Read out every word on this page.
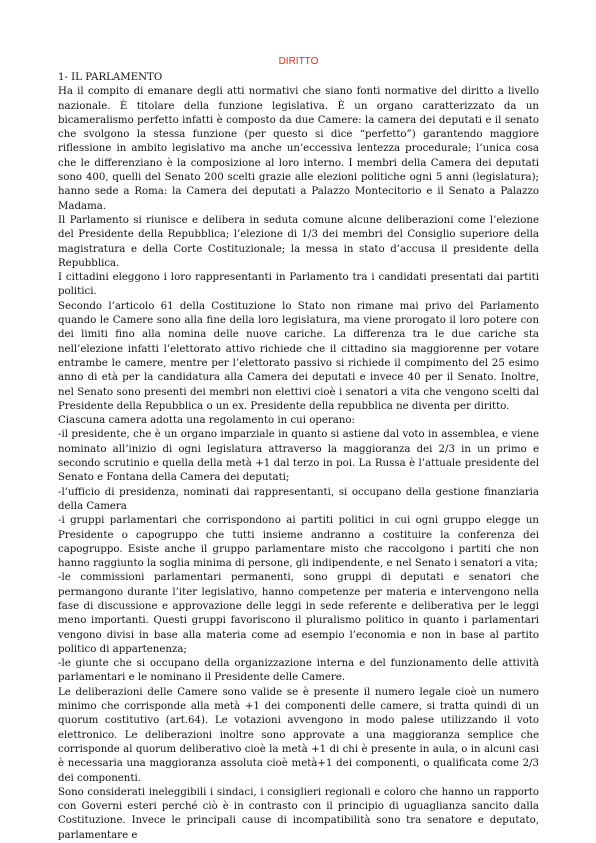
DIRITTO

1- IL PARLAMENTO

Ha il compito di emanare degli atti normativi che siano fonti normative del diritto a livello nazionale. È titolare della funzione legislativa. È un organo caratterizzato da un bicameralismo perfetto infatti è composto da due Camere: la camera dei deputati e il senato che svolgono la stessa funzione (per questo si dice “perfetto”) garantendo maggiore riflessione in ambito legislativo ma anche un’eccessiva lentezza procedurale; l’unica cosa che le differenziano è la composizione al loro interno. I membri della Camera dei deputati sono 400, quelli del Senato 200 scelti grazie alle elezioni politiche ogni 5 anni (legislatura); hanno sede a Roma: la Camera dei deputati a Palazzo Montecitorio e il Senato a Palazzo Madama.

Il Parlamento si riunisce e delibera in seduta comune alcune deliberazioni come l’elezione del Presidente della Repubblica; l’elezione di 1/3 dei membri del Consiglio superiore della magistratura e della Corte Costituzionale; la messa in stato d’accusa il presidente della Repubblica.

I cittadini eleggono i loro rappresentanti in Parlamento tra i candidati presentati dai partiti politici.

Secondo l’articolo 61 della Costituzione lo Stato non rimane mai privo del Parlamento quando le Camere sono alla fine della loro legislatura, ma viene prorogato il loro potere con dei limiti fino alla nomina delle nuove cariche. La differenza tra le due cariche sta nell’elezione infatti l’elettorato attivo richiede che il cittadino sia maggiorenne per votare entrambe le camere, mentre per l’elettorato passivo si richiede il compimento del 25 esimo anno di età per la candidatura alla Camera dei deputati e invece 40 per il Senato. Inoltre, nel Senato sono presenti dei membri non elettivi cioè i senatori a vita che vengono scelti dal Presidente della Repubblica o un ex. Presidente della repubblica ne diventa per diritto.

Ciascuna camera adotta una regolamento in cui operano:

-il presidente, che è un organo imparziale in quanto si astiene dal voto in assemblea, e viene nominato all’inizio di ogni legislatura attraverso la maggioranza dei 2/3 in un primo e secondo scrutinio e quella della metà +1 dal terzo in poi. La Russa è l’attuale presidente del Senato e Fontana della Camera dei deputati;

-l’ufficio di presidenza, nominati dai rappresentanti, si occupano della gestione finanziaria della Camera

-i gruppi parlamentari che corrispondono ai partiti politici in cui ogni gruppo elegge un Presidente o capogruppo che tutti insieme andranno a costituire la conferenza dei capogruppo. Esiste anche il gruppo parlamentare misto che raccolgono i partiti che non hanno raggiunto la soglia minima di persone, gli indipendente, e nel Senato i senatori a vita;

-le commissioni parlamentari permanenti, sono gruppi di deputati e senatori che permangono durante l’iter legislativo, hanno competenze per materia e intervengono nella fase di discussione e approvazione delle leggi in sede referente e deliberativa per le leggi meno importanti. Questi gruppi favoriscono il pluralismo politico in quanto i parlamentari vengono divisi in base alla materia come ad esempio l’economia e non in base al partito politico di appartenenza;

-le giunte che si occupano della organizzazione interna e del funzionamento delle attività parlamentari e le nominano il Presidente delle Camere.

Le deliberazioni delle Camere sono valide se è presente il numero legale cioè un numero minimo che corrisponde alla metà +1 dei componenti delle camere, si tratta quindi di un quorum costitutivo (art.64). Le votazioni avvengono in modo palese utilizzando il voto elettronico. Le deliberazioni inoltre sono approvate a una maggioranza semplice che corrisponde al quorum deliberativo cioè la metà +1 di chi è presente in aula, o in alcuni casi è necessaria una maggioranza assoluta cioè metà+1 dei componenti, o qualificata come 2/3 dei componenti.

Sono considerati ineleggibili i sindaci, i consiglieri regionali e coloro che hanno un rapporto con Governi esteri perché ciò è in contrasto con il principio di uguaglianza sancito dalla Costituzione. Invece le principali cause di incompatibilità sono tra senatore e deputato, parlamentare e
